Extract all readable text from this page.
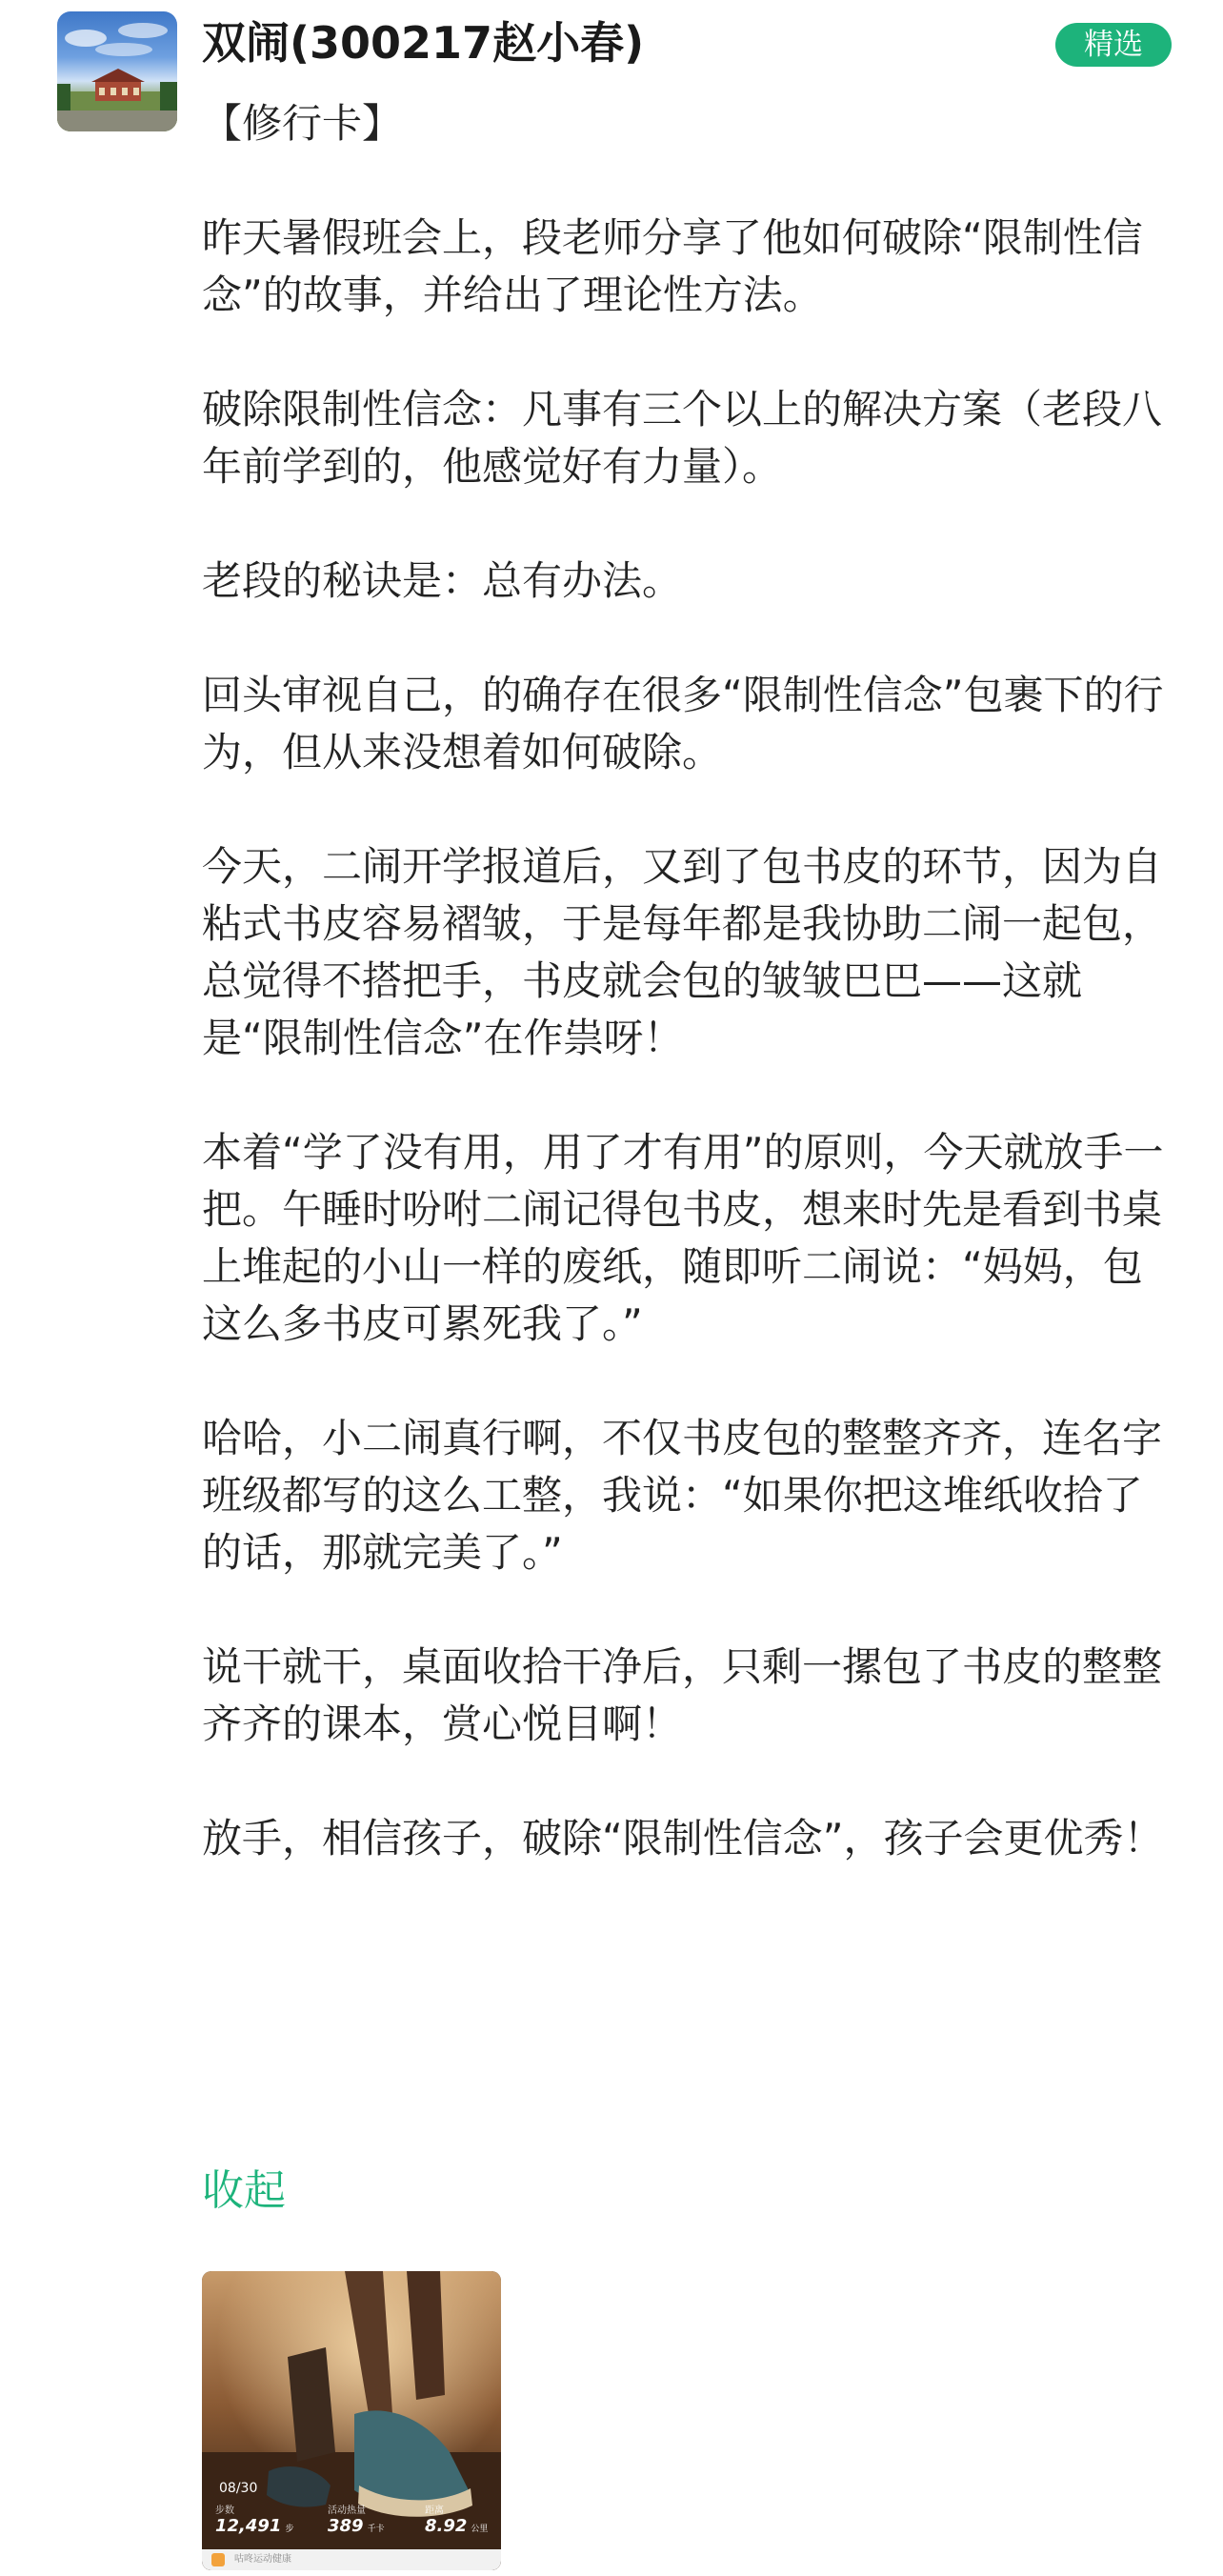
双闹(300217赵小春)	精选

【修行卡】

昨天暑假班会上，段老师分享了他如何破除“限制性信念”的故事，并给出了理论性方法。

破除限制性信念：凡事有三个以上的解决方案（老段八年前学到的，他感觉好有力量）。

老段的秘诀是：总有办法。

回头审视自己，的确存在很多“限制性信念”包裹下的行为，但从来没想着如何破除。

今天，二闹开学报道后，又到了包书皮的环节，因为自粘式书皮容易褶皱，于是每年都是我协助二闹一起包，总觉得不搭把手，书皮就会包的皱皱巴巴——这就是“限制性信念”在作祟呀！

本着“学了没有用，用了才有用”的原则，今天就放手一把。午睡时吩咐二闹记得包书皮，想来时先是看到书桌上堆起的小山一样的废纸，随即听二闹说：“妈妈，包这么多书皮可累死我了。”

哈哈，小二闹真行啊，不仅书皮包的整整齐齐，连名字班级都写的这么工整，我说：“如果你把这堆纸收拾了的话，那就完美了。”

说干就干，桌面收拾干净后，只剩一摞包了书皮的整整齐齐的课本，赏心悦目啊！

放手，相信孩子，破除“限制性信念”，孩子会更优秀！

收起
08/30
步数
12,491 步
活动热量
389 千卡
距离
8.92 公里
咕咚运动健康
